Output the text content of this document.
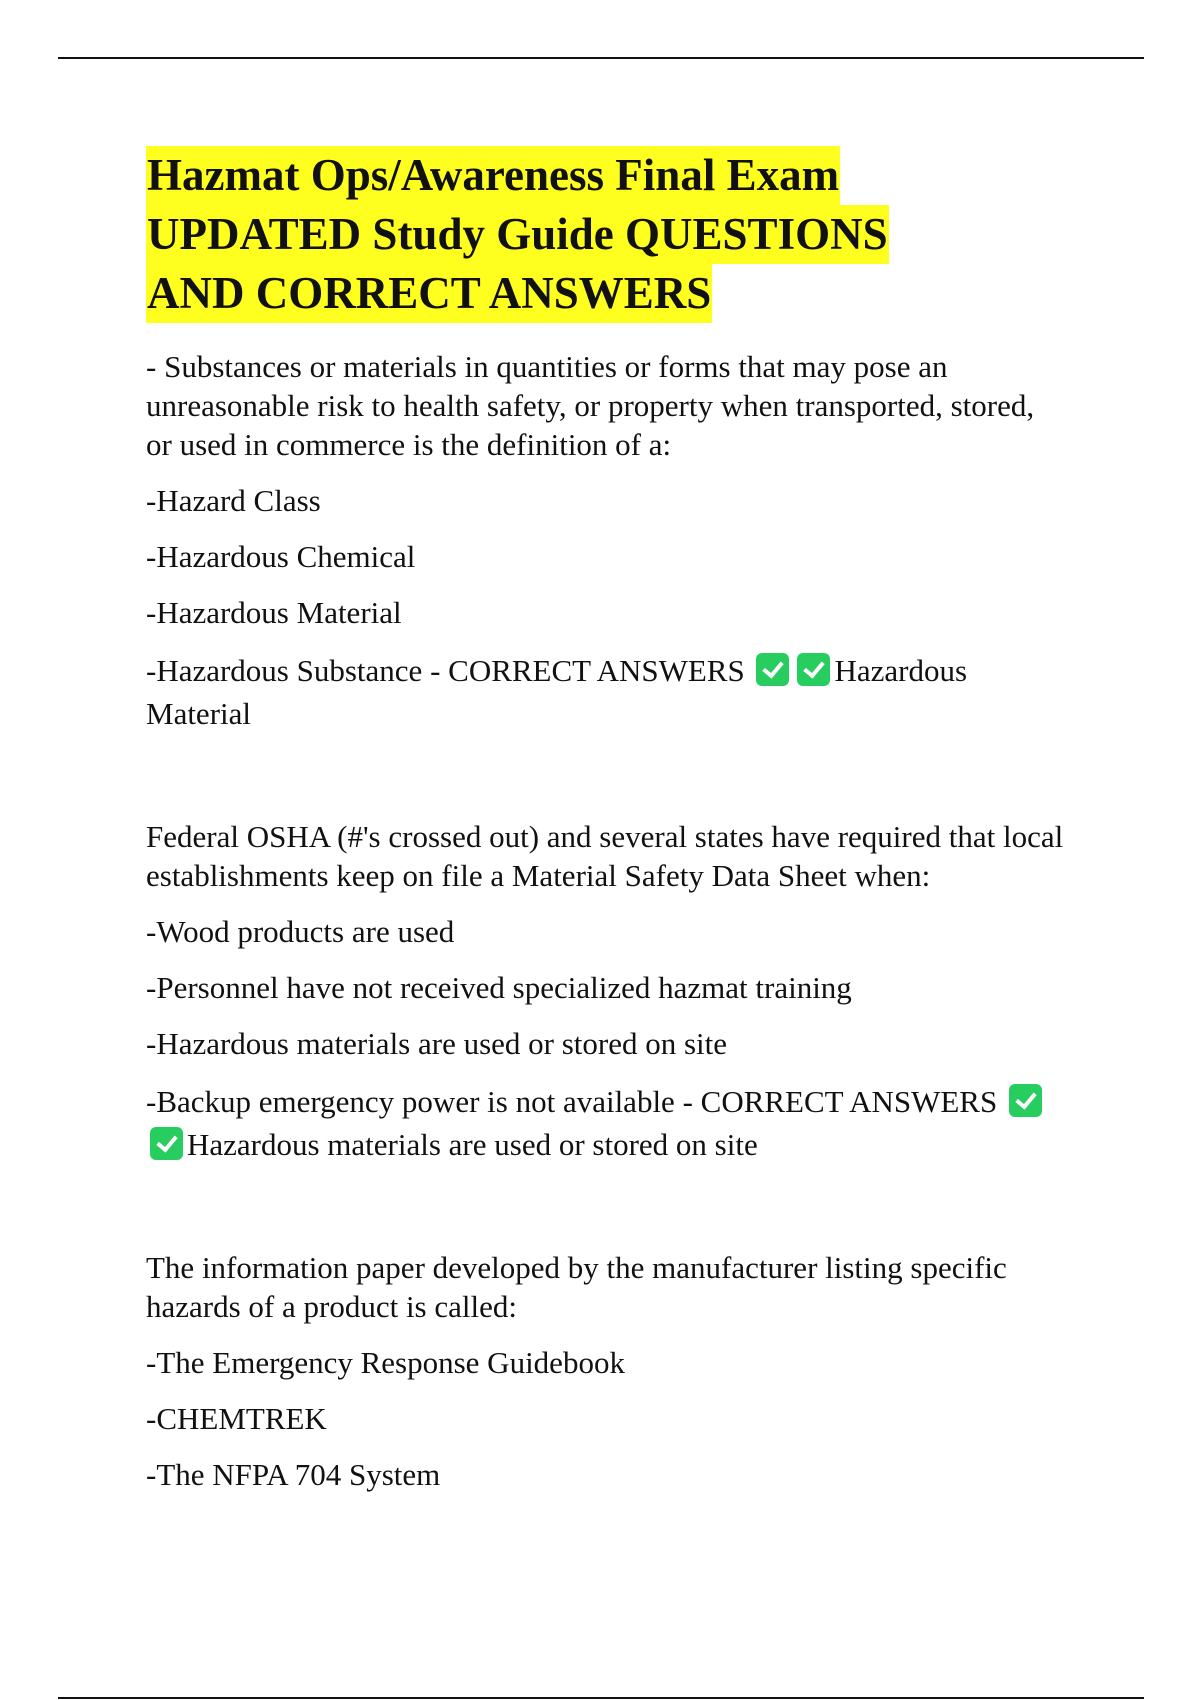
Hazmat Ops/Awareness Final Exam
UPDATED Study Guide QUESTIONS
AND CORRECT ANSWERS

- Substances or materials in quantities or forms that may pose an unreasonable risk to health safety, or property when transported, stored, or used in commerce is the definition of a:

-Hazard Class

-Hazardous Chemical

-Hazardous Material

-Hazardous Substance - CORRECT ANSWERS	Hazardous Material

Federal OSHA (#'s crossed out) and several states have required that local establishments keep on file a Material Safety Data Sheet when:

-Wood products are used

-Personnel have not received specialized hazmat training

-Hazardous materials are used or stored on site

-Backup emergency power is not available - CORRECT ANSWERS Hazardous materials are used or stored on site

The information paper developed by the manufacturer listing specific hazards of a product is called:

-The Emergency Response Guidebook

-CHEMTREK

-The NFPA 704 System
